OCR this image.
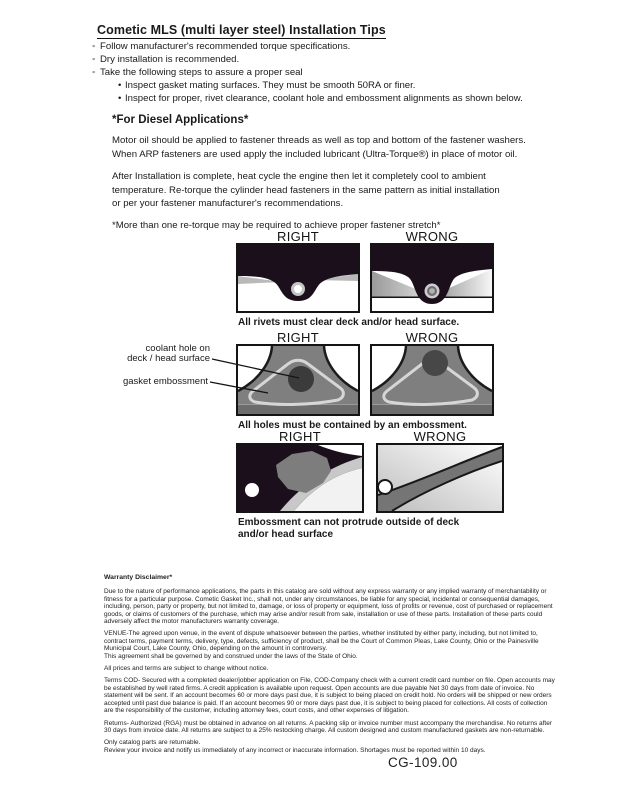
Cometic MLS (multi layer steel) Installation Tips
◦ Follow manufacturer's recommended torque specifications.
◦ Dry installation is recommended.
◦ Take the following steps to assure a proper seal
• Inspect gasket mating surfaces. They must be smooth 50RA or finer.
• Inspect for proper, rivet clearance, coolant hole and embossment alignments as shown below.
*For Diesel Applications*
Motor oil should be applied to fastener threads as well as top and bottom of the fastener washers.
When ARP fasteners are used apply the included lubricant (Ultra-Torque®) in place of motor oil.
After Installation is complete, heat cycle the engine then let it completely cool to ambient
temperature. Re-torque the cylinder head fasteners in the same pattern as initial installation
or per your fastener manufacturer's recommendations.
*More than one re-torque may be required to achieve proper fastener stretch*
RIGHT	WRONG
All rivets must clear deck and/or head surface.
RIGHT	WRONG
coolant hole on
deck / head surface
gasket embossment
All holes must be contained by an embossment.
RIGHT	WRONG
Embossment can not protrude outside of deck
and/or head surface
Warranty Disclaimer*
Due to the nature of performance applications, the parts in this catalog are sold without any express warranty or any implied warranty of merchantability or
fitness for a particular purpose. Cometic Gasket Inc., shall not, under any circumstances, be liable for any special, incidental or consequential damages,
including, person, party or property, but not limited to, damage, or loss of property or equipment, loss of profits or revenue, cost of purchased or replacement
goods, or claims of customers of the purchase, which may arise and/or result from sale, installation or use of these parts. Installation of these parts could
adversely affect the motor manufacturers warranty coverage.
VENUE-The agreed upon venue, in the event of dispute whatsoever between the parties, whether instituted by either party, including, but not limited to,
contract terms, payment terms, delivery, type, defects, sufficiency of product, shall be the Court of Common Pleas, Lake County, Ohio or the Painesville
Municipal Court, Lake County, Ohio, depending on the amount in controversy.
This agreement shall be governed by and construed under the laws of the State of Ohio.
All prices and terms are subject to change without notice.
Terms COD- Secured with a completed dealer/jobber application on File, COD-Company check with a current credit card number on file. Open accounts may
be established by well rated firms. A credit application is available upon request. Open accounts are due payable Net 30 days from date of invoice. No
statement will be sent. If an account becomes 60 or more days past due, it is subject to being placed on credit hold. No orders will be shipped or new orders
accepted until past due balance is paid. If an account becomes 90 or more days past due, it is subject to being placed for collections. All costs of collection
are the responsibility of the customer, including attorney fees, court costs, and other expenses of litigation.
Returns- Authorized (RGA) must be obtained in advance on all returns. A packing slip or invoice number must accompany the merchandise. No returns after
30 days from invoice date. All returns are subject to a 25% restocking charge. All custom designed and custom manufactured gaskets are non-returnable.
Only catalog parts are returnable.
Review your invoice and notify us immediately of any incorrect or inaccurate information. Shortages must be reported within 10 days.
CG-109.00
